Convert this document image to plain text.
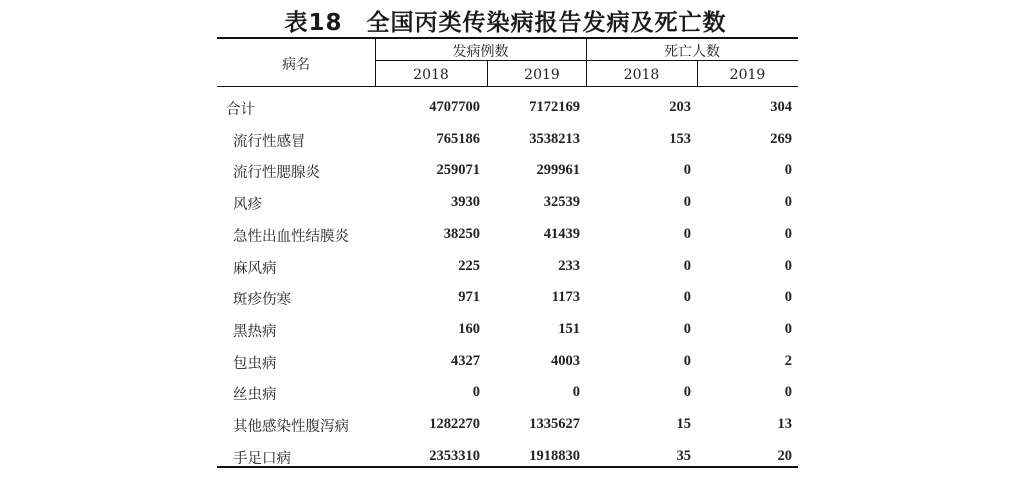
表18　全国丙类传染病报告发病及死亡数
病名
发病例数	死亡人数
2018	2019	2018	2019
合计	4707700	7172169	203	304
流行性感冒	765186	3538213	153	269
流行性腮腺炎	259071	299961	0	0
风疹	3930	32539	0	0
急性出血性结膜炎	38250	41439	0	0
麻风病	225	233	0	0
斑疹伤寒	971	1173	0	0
黑热病	160	151	0	0
包虫病	4327	4003	0	2
丝虫病	0	0	0	0
其他感染性腹泻病	1282270	1335627	15	13
手足口病	2353310	1918830	35	20
